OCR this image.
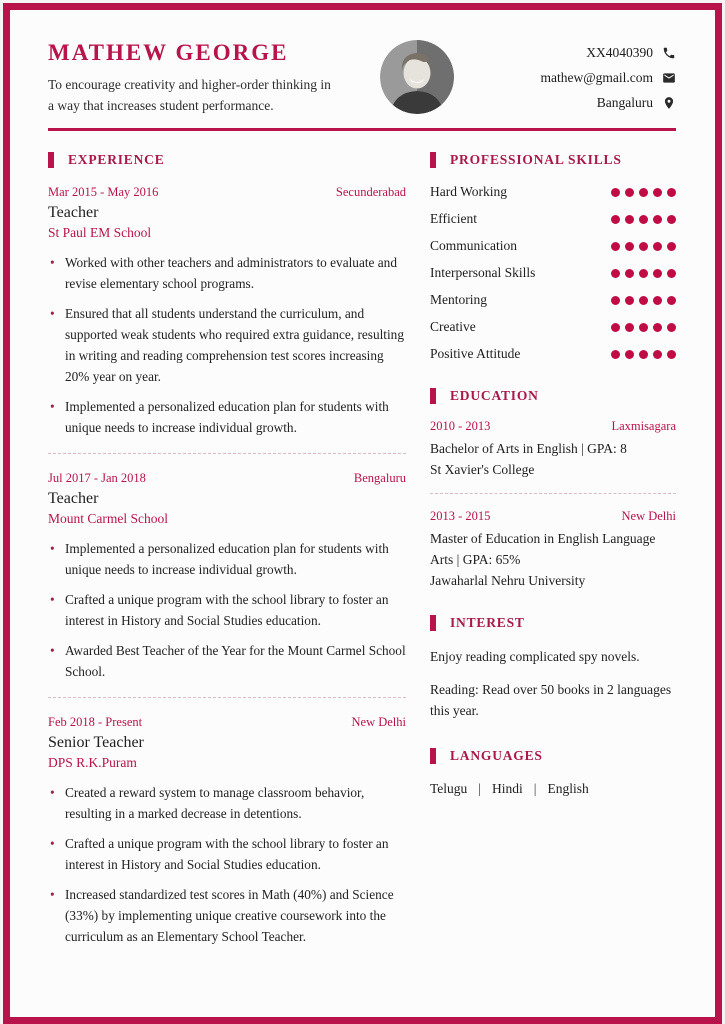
MATHEW GEORGE

To encourage creativity and higher-order thinking in a way that increases student performance.

XX4040390
mathew@gmail.com
Bangaluru
EXPERIENCE
Mar 2015 - May 2016	Secunderabad
Teacher
St Paul EM School
• Worked with other teachers and administrators to evaluate and revise elementary school programs.
• Ensured that all students understand the curriculum, and supported weak students who required extra guidance, resulting in writing and reading comprehension test scores increasing 20% year on year.
• Implemented a personalized education plan for students with unique needs to increase individual growth.
Jul 2017 - Jan 2018	Bengaluru
Teacher
Mount Carmel School
• Implemented a personalized education plan for students with unique needs to increase individual growth.
• Crafted a unique program with the school library to foster an interest in History and Social Studies education.
• Awarded Best Teacher of the Year for the Mount Carmel School School.
Feb 2018 - Present	New Delhi
Senior Teacher
DPS R.K.Puram
• Created a reward system to manage classroom behavior, resulting in a marked decrease in detentions.
• Crafted a unique program with the school library to foster an interest in History and Social Studies education.
• Increased standardized test scores in Math (40%) and Science (33%) by implementing unique creative coursework into the curriculum as an Elementary School Teacher.
PROFESSIONAL SKILLS
Hard Working
Efficient
Communication
Interpersonal Skills
Mentoring
Creative
Positive Attitude
EDUCATION
2010 - 2013	Laxmisagara
Bachelor of Arts in English | GPA: 8
St Xavier's College
2013 - 2015	New Delhi
Master of Education in English Language Arts | GPA: 65%
Jawaharlal Nehru University
INTEREST

Enjoy reading complicated spy novels.

Reading: Read over 50 books in 2 languages this year.

LANGUAGES
Telugu | Hindi | English
